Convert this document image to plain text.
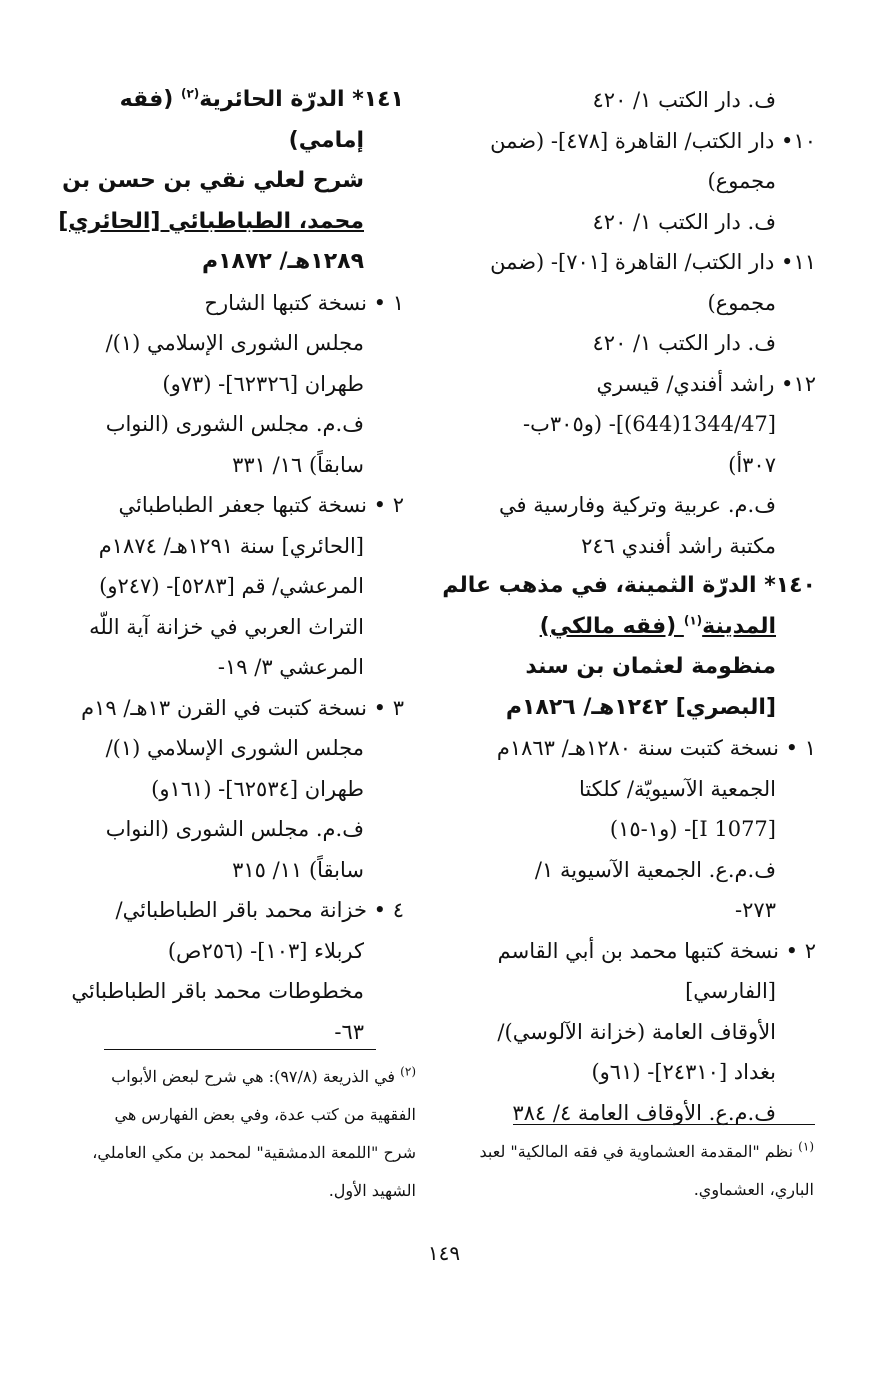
ف. دار الكتب ١/ ٤٢٠
١٠• دار الكتب/ القاهرة [٤٧٨]- (ضمن
مجموع)
ف. دار الكتب ١/ ٤٢٠
١١• دار الكتب/ القاهرة [٧٠١]- (ضمن
مجموع)
ف. دار الكتب ١/ ٤٢٠
١٢• راشد أفندي/ قيسري
[1344/47(644)]- (و٣٠٥ب-
٣٠٧أ)
ف.م. عربية وتركية وفارسية في
مكتبة راشد أفندي ٢٤٦
١٤٠* الدرّة الثمينة، في مذهب عالم
المدينة$^{(١)}$ (فقه مالكي)
منظومة لعثمان بن سند
[البصري] ١٢٤٢هـ/ ١٨٢٦م
١ • نسخة كتبت سنة ١٢٨٠هـ/ ١٨٦٣م
الجمعية الآسيويّة/ كلكتا
[I 1077]- (و١-١٥)
ف.م.ع. الجمعية الآسيوية ١/
٢٧٣-
٢ • نسخة كتبها محمد بن أبي القاسم
[الفارسي]
الأوقاف العامة (خزانة الآلوسي)/
بغداد [٢٤٣١٠]- (٦١و)
ف.م.ع. الأوقاف العامة ٤/ ٣٨٤
١٤١* الدرّة الحائرية$^{(٢)}$ (فقه
إمامي)
شرح لعلي نقي بن حسن بن
محمد، الطباطبائي [الحائري]
١٢٨٩هـ/ ١٨٧٢م
١ • نسخة كتبها الشارح
مجلس الشورى الإسلامي (١)/
طهران [٦٢٣٢٦]- (٧٣و)
ف.م. مجلس الشورى (النواب
سابقاً) ١٦/ ٣٣١
٢ • نسخة كتبها جعفر الطباطبائي
[الحائري] سنة ١٢٩١هـ/ ١٨٧٤م
المرعشي/ قم [٥٢٨٣]- (٢٤٧و)
التراث العربي في خزانة آية اللّه
المرعشي ٣/ ١٩-
٣ • نسخة كتبت في القرن ١٣هـ/ ١٩م
مجلس الشورى الإسلامي (١)/
طهران [٦٢٥٣٤]- (١٦١و)
ف.م. مجلس الشورى (النواب
سابقاً) ١١/ ٣١٥
٤ • خزانة محمد باقر الطباطبائي/
كربلاء [١٠٣]- (٢٥٦ص)
مخطوطات محمد باقر الطباطبائي
٦٣-
$^{(٢)}$ في الذريعة (٩٧/٨): هي شرح لبعض الأبواب
الفقهية من كتب عدة، وفي بعض الفهارس هي
شرح "اللمعة الدمشقية" لمحمد بن مكي العاملي،
الشهيد الأول.
$^{(١)}$ نظم "المقدمة العشماوية في فقه المالكية" لعبد
الباري، العشماوي.
١٤٩
